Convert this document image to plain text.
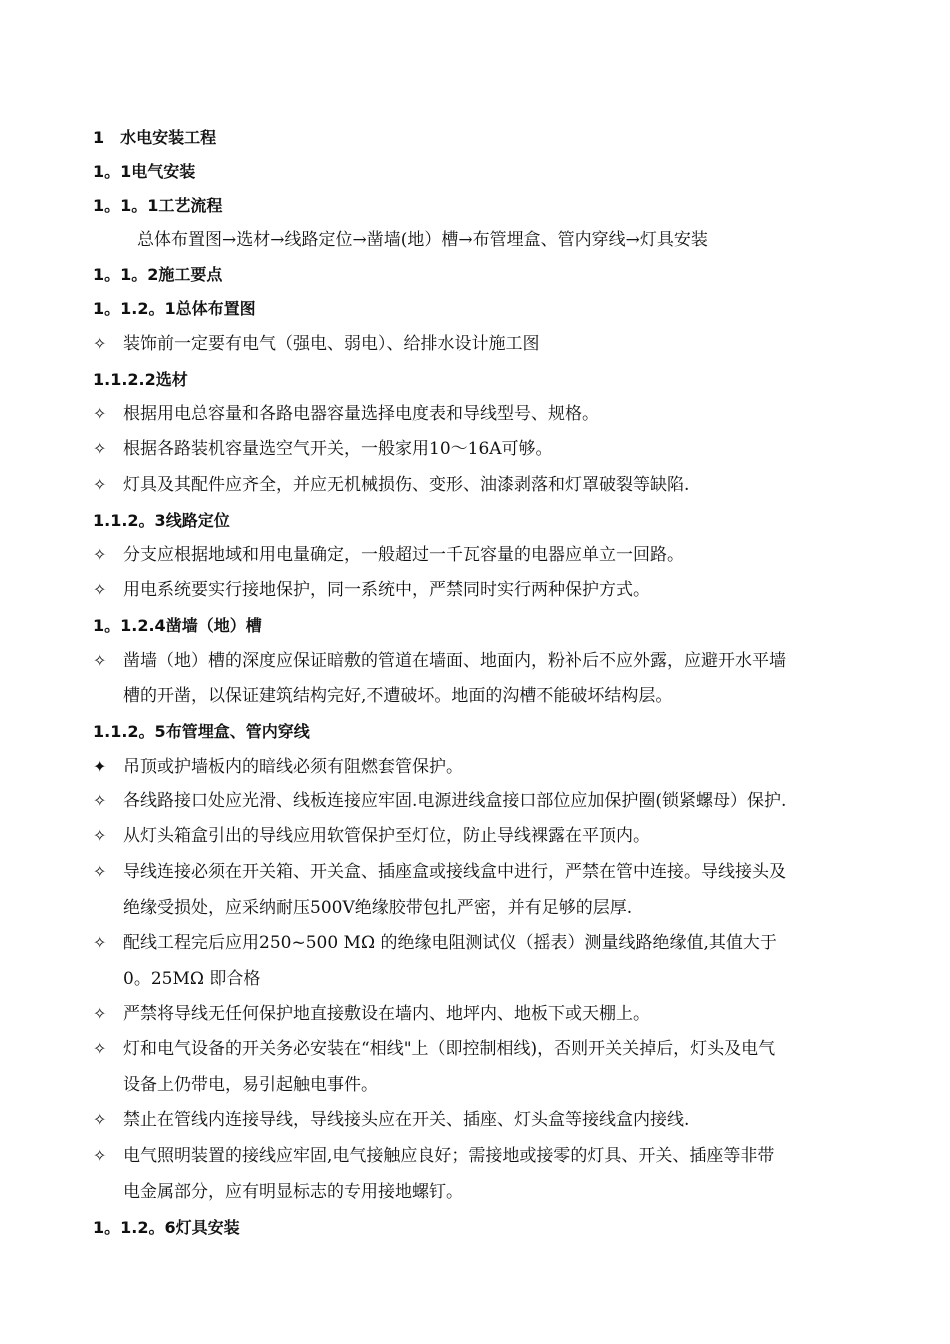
1　水电安装工程
1。1电气安装
1。1。1工艺流程
总体布置图→选材→线路定位→凿墙(地）槽→布管埋盒、管内穿线→灯具安装
1。1。2施工要点
1。1.2。1总体布置图
✧ 装饰前一定要有电气（强电、弱电）、给排水设计施工图
1.1.2.2选材
✧ 根据用电总容量和各路电器容量选择电度表和导线型号、规格。
✧ 根据各路装机容量选空气开关，一般家用10～16A可够。
✧ 灯具及其配件应齐全，并应无机械损伤、变形、油漆剥落和灯罩破裂等缺陷.
1.1.2。3线路定位
✧ 分支应根据地域和用电量确定，一般超过一千瓦容量的电器应单立一回路。
✧ 用电系统要实行接地保护，同一系统中，严禁同时实行两种保护方式。
1。1.2.4凿墙（地）槽
✧ 凿墙（地）槽的深度应保证暗敷的管道在墙面、地面内，粉补后不应外露，应避开水平墙
槽的开凿，以保证建筑结构完好,不遭破坏。地面的沟槽不能破坏结构层。
1.1.2。5布管埋盒、管内穿线
✦ 吊顶或护墙板内的暗线必须有阻燃套管保护。
✧ 各线路接口处应光滑、线板连接应牢固.电源进线盒接口部位应加保护圈(锁紧螺母）保护.
✧ 从灯头箱盒引出的导线应用软管保护至灯位，防止导线裸露在平顶内。
✧ 导线连接必须在开关箱、开关盒、插座盒或接线盒中进行，严禁在管中连接。导线接头及
绝缘受损处，应采纳耐压500V绝缘胶带包扎严密，并有足够的层厚.
✧ 配线工程完后应用250~500 MΩ 的绝缘电阻测试仪（摇表）测量线路绝缘值,其值大于
0。25MΩ 即合格
✧ 严禁将导线无任何保护地直接敷设在墙内、地坪内、地板下或天棚上。
✧ 灯和电气设备的开关务必安装在“相线"上（即控制相线)，否则开关关掉后，灯头及电气
设备上仍带电，易引起触电事件。
✧ 禁止在管线内连接导线，导线接头应在开关、插座、灯头盒等接线盒内接线.
✧ 电气照明装置的接线应牢固,电气接触应良好；需接地或接零的灯具、开关、插座等非带
电金属部分，应有明显标志的专用接地螺钉。
1。1.2。6灯具安装
